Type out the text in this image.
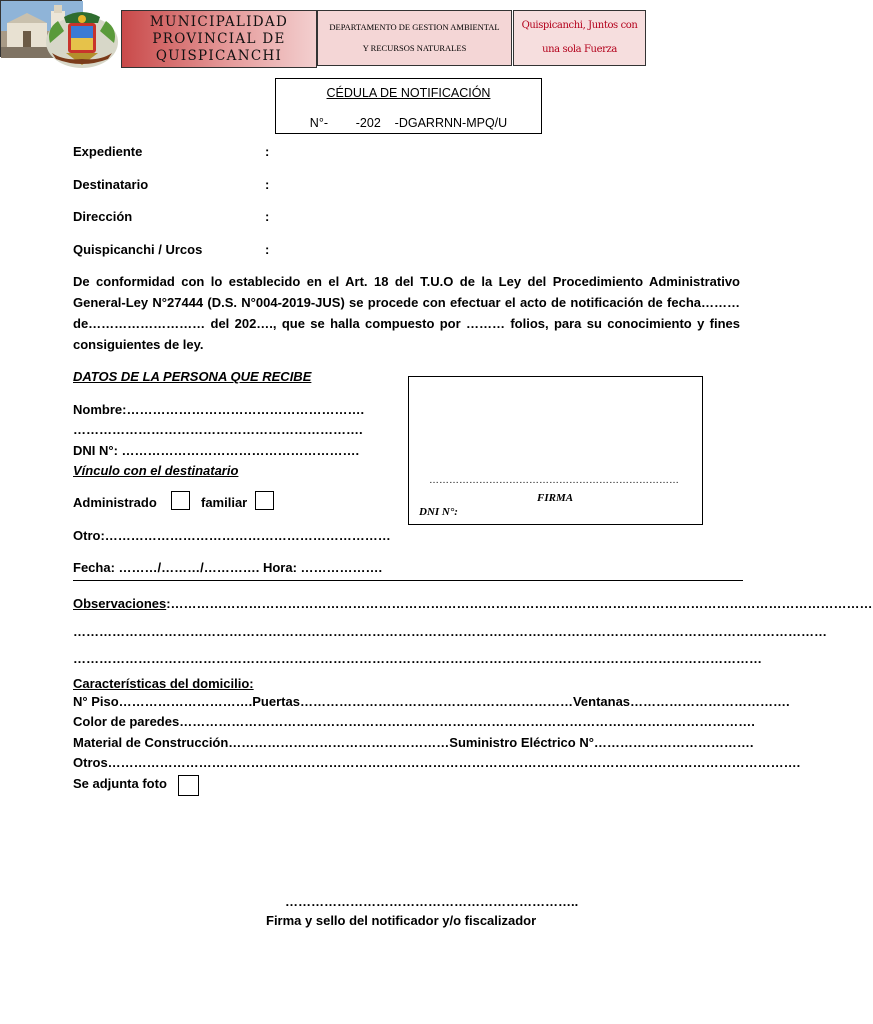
MUNICIPALIDAD
PROVINCIAL DE
QUISPICANCHI
DEPARTAMENTO DE GESTION AMBIENTAL Y RECURSOS NATURALES
Quispicanchi, Juntos con una sola Fuerza
CÉDULA DE NOTIFICACIÓN
N°-        -202    -DGARRNN-MPQ/U
Expediente	:
Destinatario	:
Dirección	:
Quispicanchi / Urcos	:
De conformidad con lo establecido en el Art. 18 del T.U.O de la Ley del Procedimiento Administrativo General-Ley N°27444 (D.S. N°004-2019-JUS) se procede con efectuar el acto de notificación de fecha……… de……………………… del 202…., que se halla compuesto por ……… folios, para su conocimiento y fines consiguientes de ley.
DATOS DE LA PERSONA QUE RECIBE
Nombre:……………………………………………….
………………………………………………………….
DNI N°: ……………………………………………….
Vínculo con el destinatario
Administrado	familiar
Otro:…………………………………………………………
Fecha: ………/………/…………. Hora: ……………….
…………………………………………………………………
FIRMA
DNI N°:
Observaciones:………………………………………………………………………………………………………………………………………………
…………………………………………………………………………………………………………………………………………………………
……………………………………………………………………………………………………………………………………………
Características del domicilio:
N° Piso………………………….Puertas………………………………………………………Ventanas……………………………….
Color de paredes…………………………………………………………………………………………………………………….
Material de Construcción……………………………………………Suministro Eléctrico N°……………………………….
Otros…………………………………………………………………………………………………………………………………………….
Se adjunta foto
…………………………………………………………..
Firma y sello del notificador y/o fiscalizador
